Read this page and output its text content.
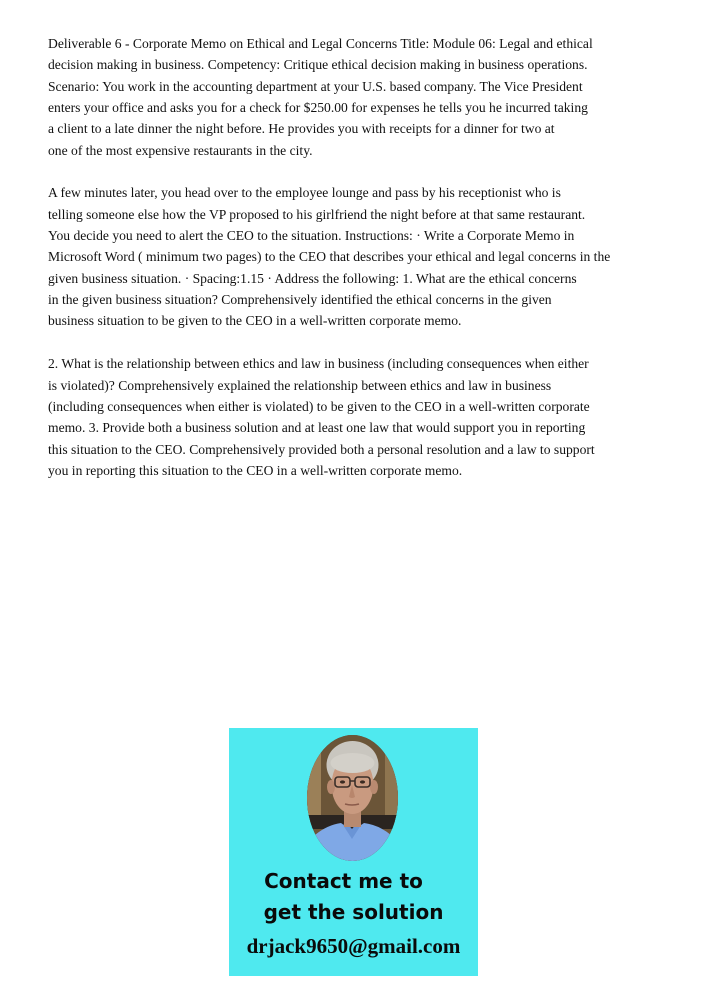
Deliverable 6 - Corporate Memo on Ethical and Legal Concerns Title: Module 06: Legal and ethical
decision making in business. Competency: Critique ethical decision making in business operations.
Scenario: You work in the accounting department at your U.S. based company. The Vice President
enters your office and asks you for a check for $250.00 for expenses he tells you he incurred taking
a client to a late dinner the night before. He provides you with receipts for a dinner for two at
one of the most expensive restaurants in the city.
A few minutes later, you head over to the employee lounge and pass by his receptionist who is
telling someone else how the VP proposed to his girlfriend the night before at that same restaurant.
You decide you need to alert the CEO to the situation. Instructions: · Write a Corporate Memo in
Microsoft Word ( minimum two pages) to the CEO that describes your ethical and legal concerns in the
given business situation. · Spacing:1.15 · Address the following: 1. What are the ethical concerns
in the given business situation? Comprehensively identified the ethical concerns in the given
business situation to be given to the CEO in a well-written corporate memo.
2. What is the relationship between ethics and law in business (including consequences when either
is violated)? Comprehensively explained the relationship between ethics and law in business
(including consequences when either is violated) to be given to the CEO in a well-written corporate
memo. 3. Provide both a business solution and at least one law that would support you in reporting
this situation to the CEO. Comprehensively provided both a personal resolution and a law to support
you in reporting this situation to the CEO in a well-written corporate memo.
Contact me to
get the solution
drjack9650@gmail.com
